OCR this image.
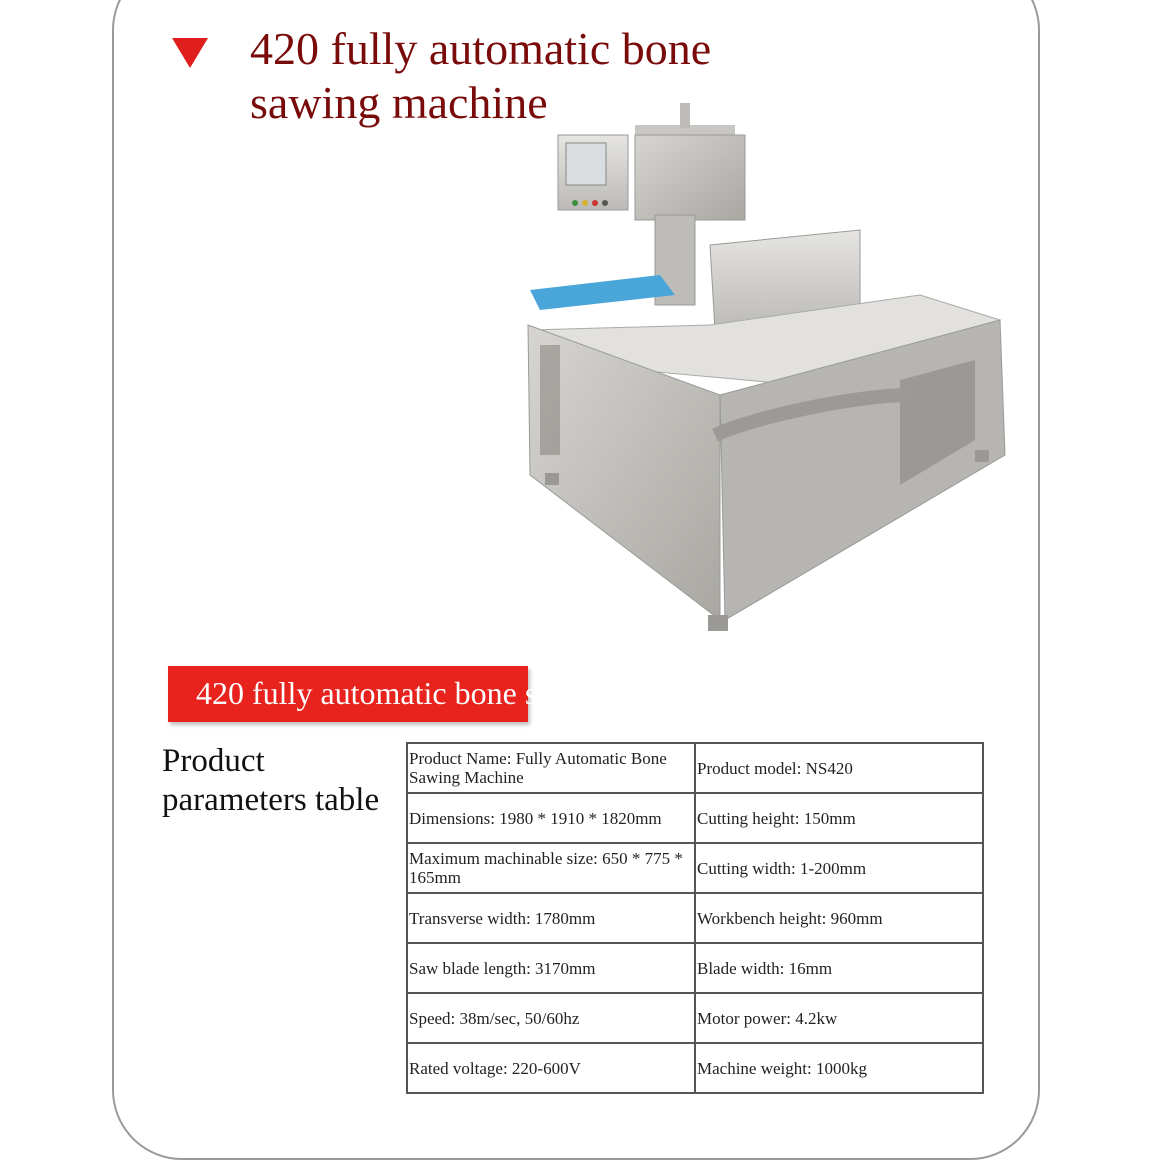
420 fully automatic bone sawing machine
420 fully automatic bone sawing machine
Product parameters table
Product Name: Fully Automatic Bone Sawing Machine	Product model: NS420
Dimensions: 1980 * 1910 * 1820mm	Cutting height: 150mm
Maximum machinable size: 650 * 775 * 165mm	Cutting width: 1-200mm
Transverse width: 1780mm	Workbench height: 960mm
Saw blade length: 3170mm	Blade width: 16mm
Speed: 38m/sec, 50/60hz	Motor power: 4.2kw
Rated voltage: 220-600V	Machine weight: 1000kg
